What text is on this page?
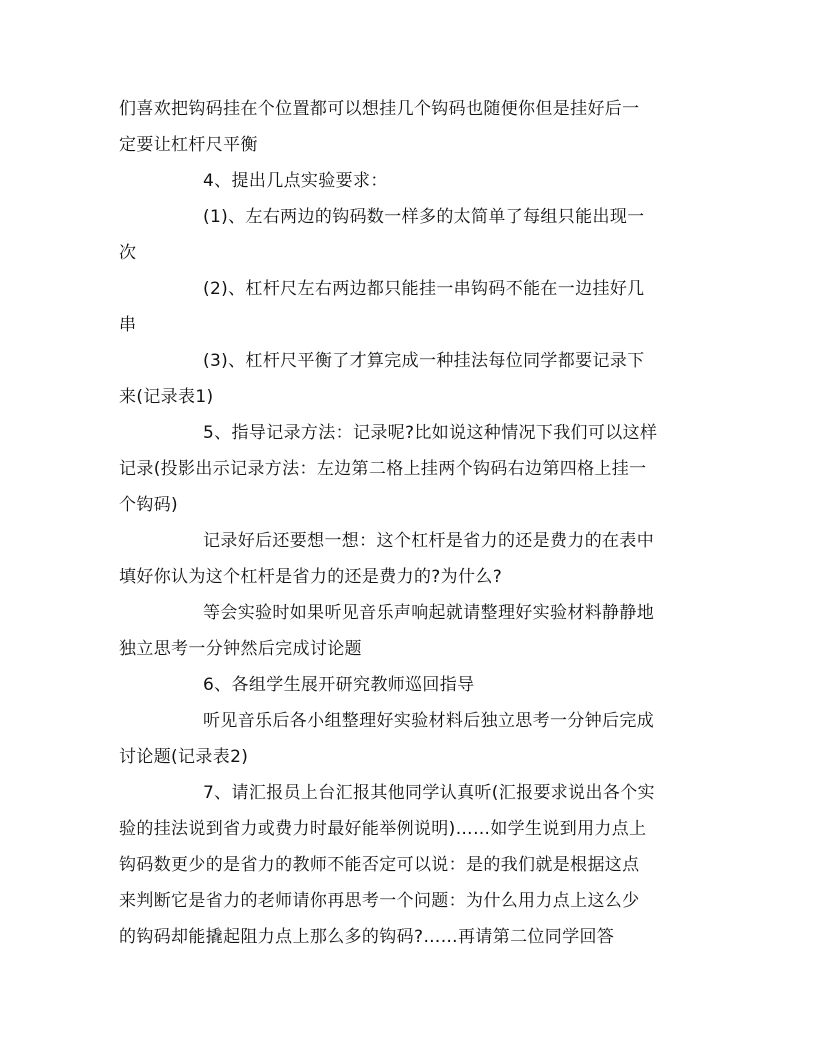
们喜欢把钩码挂在个位置都可以想挂几个钩码也随便你但是挂好后一
定要让杠杆尺平衡
4、提出几点实验要求：
(1)、左右两边的钩码数一样多的太简单了每组只能出现一
次
(2)、杠杆尺左右两边都只能挂一串钩码不能在一边挂好几
串
(3)、杠杆尺平衡了才算完成一种挂法每位同学都要记录下
来(记录表1)
5、指导记录方法：记录呢?比如说这种情况下我们可以这样
记录(投影出示记录方法：左边第二格上挂两个钩码右边第四格上挂一
个钩码)
记录好后还要想一想：这个杠杆是省力的还是费力的在表中
填好你认为这个杠杆是省力的还是费力的?为什么?
等会实验时如果听见音乐声响起就请整理好实验材料静静地
独立思考一分钟然后完成讨论题
6、各组学生展开研究教师巡回指导
听见音乐后各小组整理好实验材料后独立思考一分钟后完成
讨论题(记录表2)
7、请汇报员上台汇报其他同学认真听(汇报要求说出各个实
验的挂法说到省力或费力时最好能举例说明)……如学生说到用力点上
钩码数更少的是省力的教师不能否定可以说：是的我们就是根据这点
来判断它是省力的老师请你再思考一个问题：为什么用力点上这么少
的钩码却能撬起阻力点上那么多的钩码?……再请第二位同学回答
